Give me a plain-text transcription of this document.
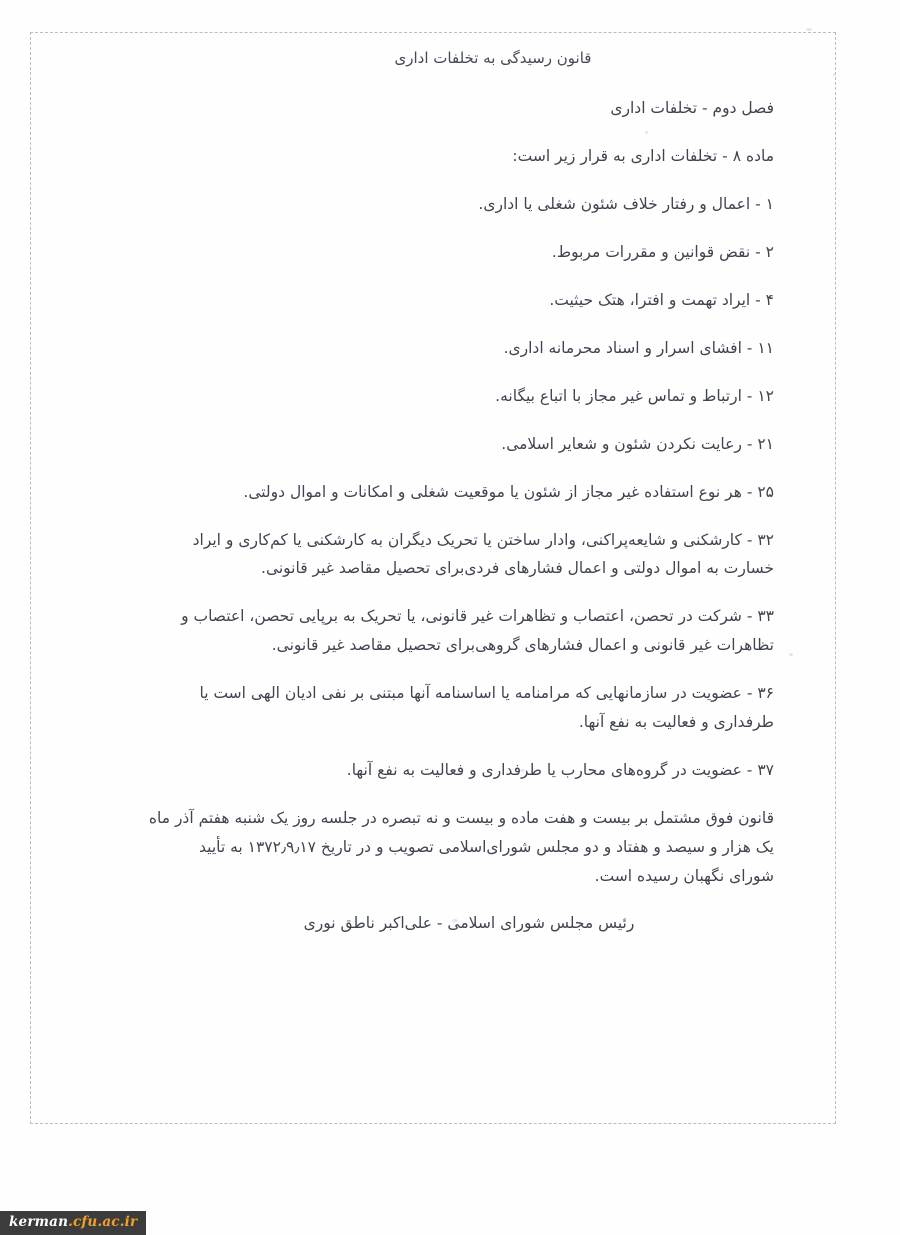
قانون رسیدگی به تخلفات اداری
فصل دوم - تخلفات اداری
ماده ۸ - تخلفات اداری به قرار زیر است:
۱ - اعمال و رفتار خلاف شئون شغلی یا اداری.
۲ - نقض قوانین و مقررات مربوط.
۴ - ایراد تهمت و افترا، هتک حیثیت.
۱۱ - افشای اسرار و اسناد محرمانه اداری.
۱۲ - ارتباط و تماس غیر مجاز با اتباع بیگانه.
۲۱ - رعایت نکردن شئون و شعایر اسلامی.
۲۵ - هر نوع استفاده غیر مجاز از شئون یا موقعیت شغلی و امکانات و اموال دولتی.
۳۲ - کارشکنی و شایعه‌پراکنی، وادار ساختن یا تحریک دیگران به کارشکنی یا کم‌کاری و ایراد
خسارت به اموال دولتی و اعمال فشارهای فردی‌برای تحصیل مقاصد غیر قانونی.
۳۳ - شرکت در تحصن، اعتصاب و تظاهرات غیر قانونی، یا تحریک به برپایی تحصن، اعتصاب و
تظاهرات غیر قانونی و اعمال فشارهای گروهی‌برای تحصیل مقاصد غیر قانونی.
۳۶ - عضویت در سازمانهایی که مرامنامه یا اساسنامه آنها مبتنی بر نفی ادیان الهی است یا
طرفداری و فعالیت به نفع آنها.
۳۷ - عضویت در گروه‌های محارب یا طرفداری و فعالیت به نفع آنها.
قانون فوق مشتمل بر بیست و هفت ماده و بیست و نه تبصره در جلسه روز یک شنبه هفتم آذر ماه
یک هزار و سیصد و هفتاد و دو مجلس شورای‌اسلامی تصویب و در تاریخ ۱۳۷۲٫۹٫۱۷ به تأیید
شورای نگهبان رسیده است.
رئیس مجلس شورای اسلامی - علی‌اکبر ناطق نوری
kerman.cfu.ac.ir
